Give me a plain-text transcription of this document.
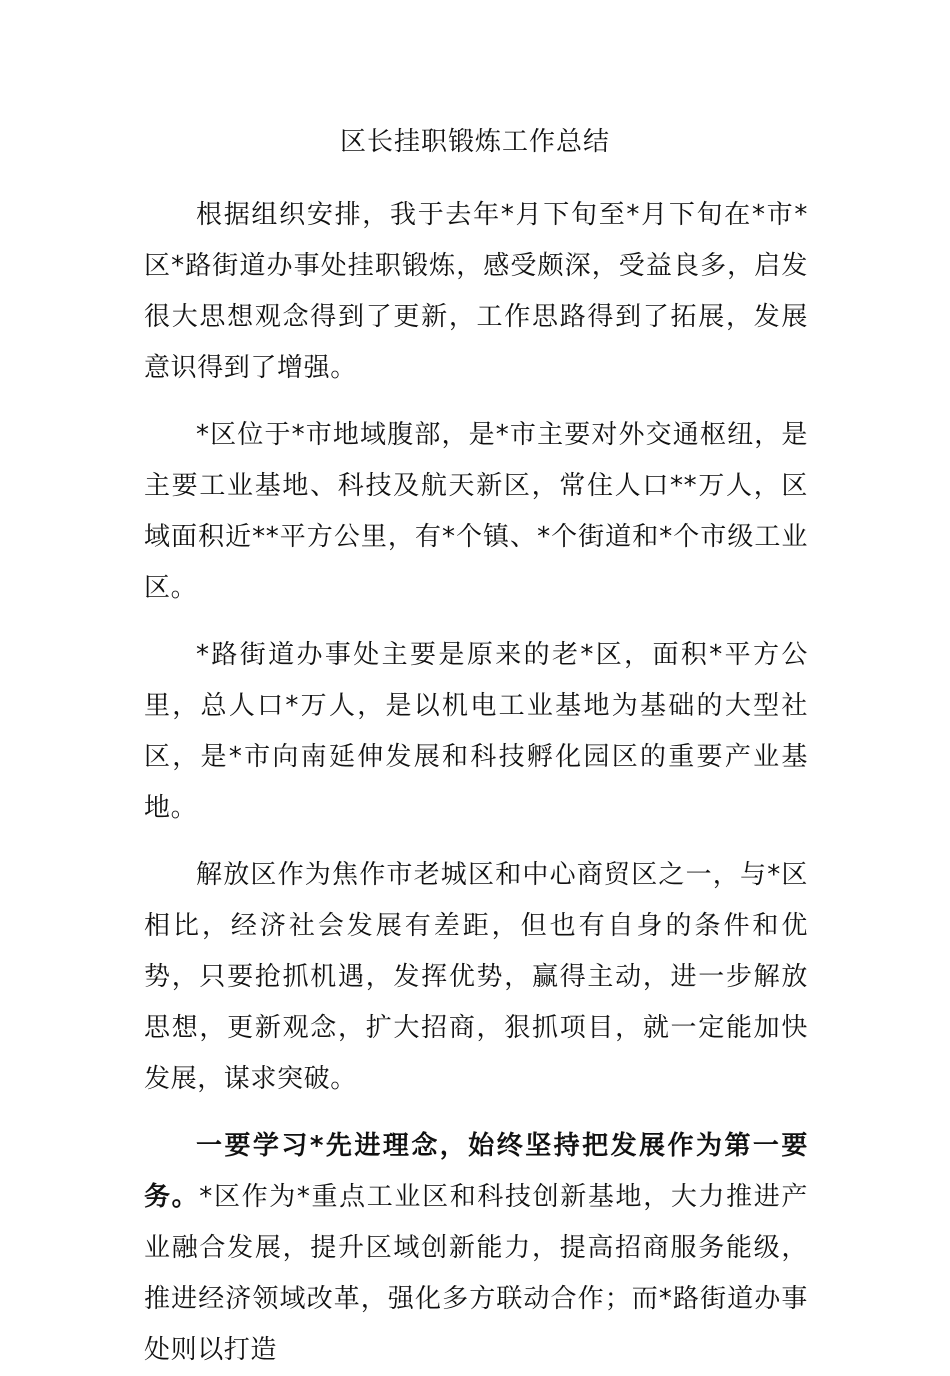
区长挂职锻炼工作总结

根据组织安排，我于去年*月下旬至*月下旬在*市*区*路街道办事处挂职锻炼，感受颇深，受益良多，启发很大思想观念得到了更新，工作思路得到了拓展，发展意识得到了增强。

*区位于*市地域腹部，是*市主要对外交通枢纽，是主要工业基地、科技及航天新区，常住人口**万人，区域面积近**平方公里，有*个镇、*个街道和*个市级工业区。

*路街道办事处主要是原来的老*区，面积*平方公里，总人口*万人，是以机电工业基地为基础的大型社区，是*市向南延伸发展和科技孵化园区的重要产业基地。

解放区作为焦作市老城区和中心商贸区之一，与*区相比，经济社会发展有差距，但也有自身的条件和优势，只要抢抓机遇，发挥优势，赢得主动，进一步解放思想，更新观念，扩大招商，狠抓项目，就一定能加快发展，谋求突破。

一要学习*先进理念，始终坚持把发展作为第一要务。*区作为*重点工业区和科技创新基地，大力推进产业融合发展，提升区域创新能力，提高招商服务能级，推进经济领域改革，强化多方联动合作；而*路街道办事处则以打造
